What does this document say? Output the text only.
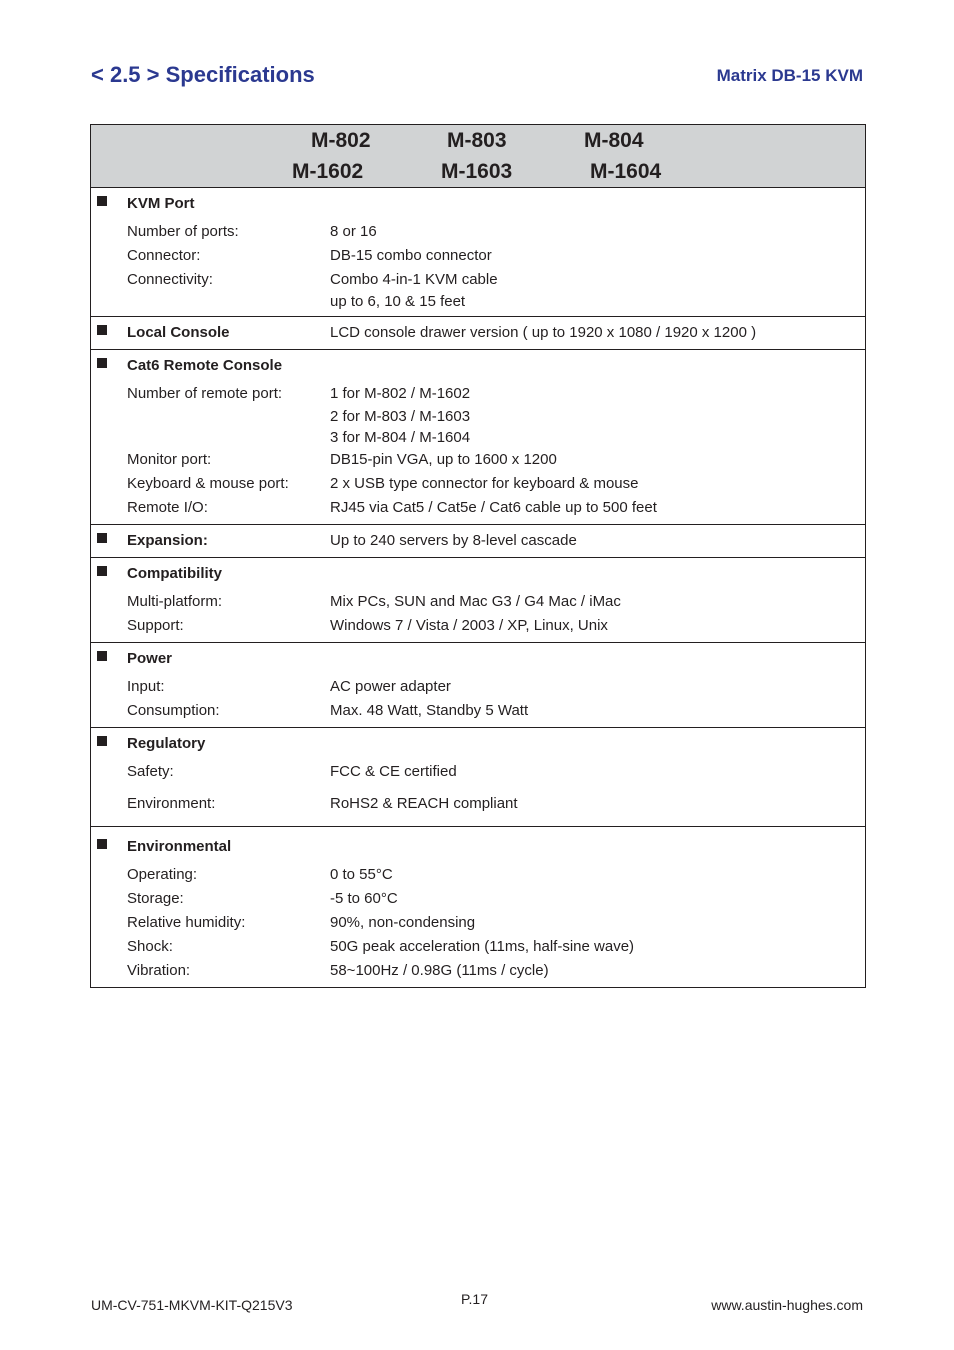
< 2.5 > Specifications	Matrix DB-15 KVM
M-802	M-803	M-804
M-1602	M-1603	M-1604

KVM Port
Number of ports:	8 or 16
Connector:	DB-15 combo connector
Connectivity:	Combo 4-in-1 KVM cable
up to 6, 10 & 15 feet

Local Console	LCD console drawer version ( up to 1920 x 1080 / 1920 x 1200 )

Cat6 Remote Console
Number of remote port:	1 for M-802 / M-1602
2 for M-803 / M-1603
3 for M-804 / M-1604
Monitor port:	DB15-pin VGA, up to 1600 x 1200
Keyboard & mouse port:	2 x USB type connector for keyboard & mouse
Remote I/O:	RJ45 via Cat5 / Cat5e / Cat6 cable up to 500 feet

Expansion:	Up to 240 servers by 8-level cascade

Compatibility
Multi-platform:	Mix PCs, SUN and Mac G3 / G4 Mac / iMac
Support:	Windows 7 / Vista / 2003 / XP, Linux, Unix

Power
Input:	AC power adapter
Consumption:	Max. 48 Watt, Standby 5 Watt

Regulatory
Safety:	FCC & CE certified
Environment:	RoHS2 & REACH compliant

Environmental
Operating:	0 to 55°C
Storage:	-5 to 60°C
Relative humidity:	90%, non-condensing
Shock:	50G peak acceleration (11ms, half-sine wave)
Vibration:	58~100Hz / 0.98G (11ms / cycle)
UM-CV-751-MKVM-KIT-Q215V3	P.17	www.austin-hughes.com
